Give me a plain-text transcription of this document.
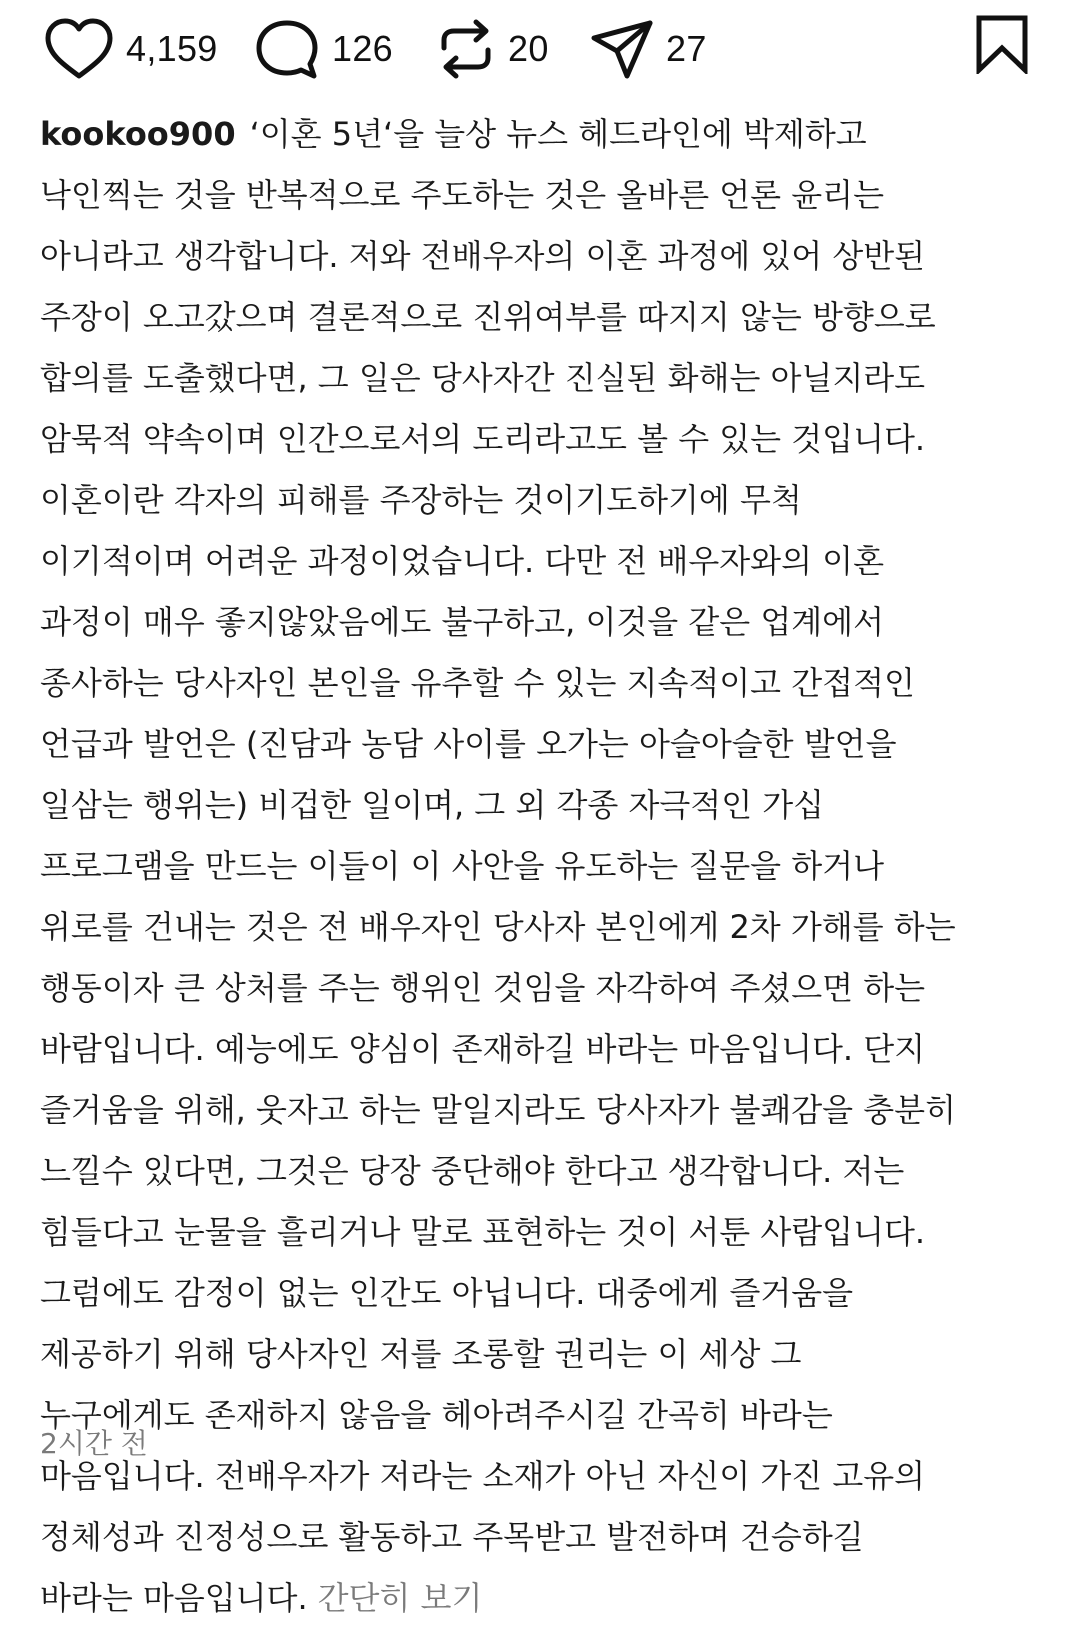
4,159	126	20	27
kookoo900 ‘이혼 5년‘을 늘상 뉴스 헤드라인에 박제하고
낙인찍는 것을 반복적으로 주도하는 것은 올바른 언론 윤리는
아니라고 생각합니다. 저와 전배우자의 이혼 과정에 있어 상반된
주장이 오고갔으며 결론적으로 진위여부를 따지지 않는 방향으로
합의를 도출했다면, 그 일은 당사자간 진실된 화해는 아닐지라도
암묵적 약속이며 인간으로서의 도리라고도 볼 수 있는 것입니다.
이혼이란 각자의 피해를 주장하는 것이기도하기에 무척
이기적이며 어려운 과정이었습니다. 다만 전 배우자와의 이혼
과정이 매우 좋지않았음에도 불구하고, 이것을 같은 업계에서
종사하는 당사자인 본인을 유추할 수 있는 지속적이고 간접적인
언급과 발언은 (진담과 농담 사이를 오가는 아슬아슬한 발언을
일삼는 행위는) 비겁한 일이며, 그 외 각종 자극적인 가십
프로그램을 만드는 이들이 이 사안을 유도하는 질문을 하거나
위로를 건내는 것은 전 배우자인 당사자 본인에게 2차 가해를 하는
행동이자 큰 상처를 주는 행위인 것임을 자각하여 주셨으면 하는
바람입니다. 예능에도 양심이 존재하길 바라는 마음입니다. 단지
즐거움을 위해, 웃자고 하는 말일지라도 당사자가 불쾌감을 충분히
느낄수 있다면, 그것은 당장 중단해야 한다고 생각합니다. 저는
힘들다고 눈물을 흘리거나 말로 표현하는 것이 서툰 사람입니다.
그럼에도 감정이 없는 인간도 아닙니다. 대중에게 즐거움을
제공하기 위해 당사자인 저를 조롱할 권리는 이 세상 그
누구에게도 존재하지 않음을 헤아려주시길 간곡히 바라는
마음입니다. 전배우자가 저라는 소재가 아닌 자신이 가진 고유의
정체성과 진정성으로 활동하고 주목받고 발전하며 건승하길
바라는 마음입니다. 간단히 보기
2시간 전
